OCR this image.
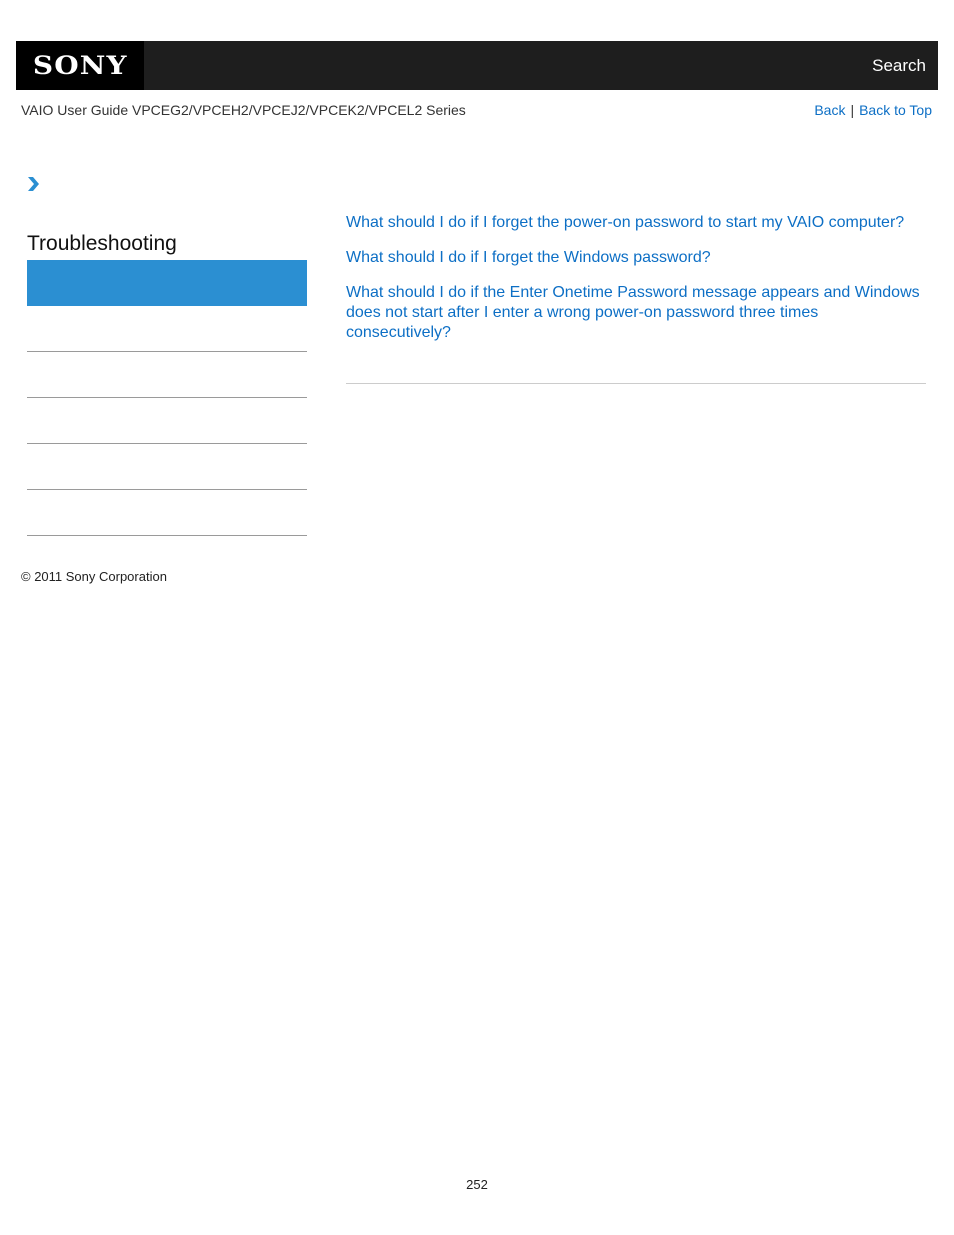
SONY	Search
VAIO User Guide VPCEG2/VPCEH2/VPCEJ2/VPCEK2/VPCEL2 Series	Back | Back to Top
Troubleshooting
What should I do if I forget the power-on password to start my VAIO computer?
What should I do if I forget the Windows password?
What should I do if the Enter Onetime Password message appears and Windows does not start after I enter a wrong power-on password three times consecutively?
© 2011 Sony Corporation
252
